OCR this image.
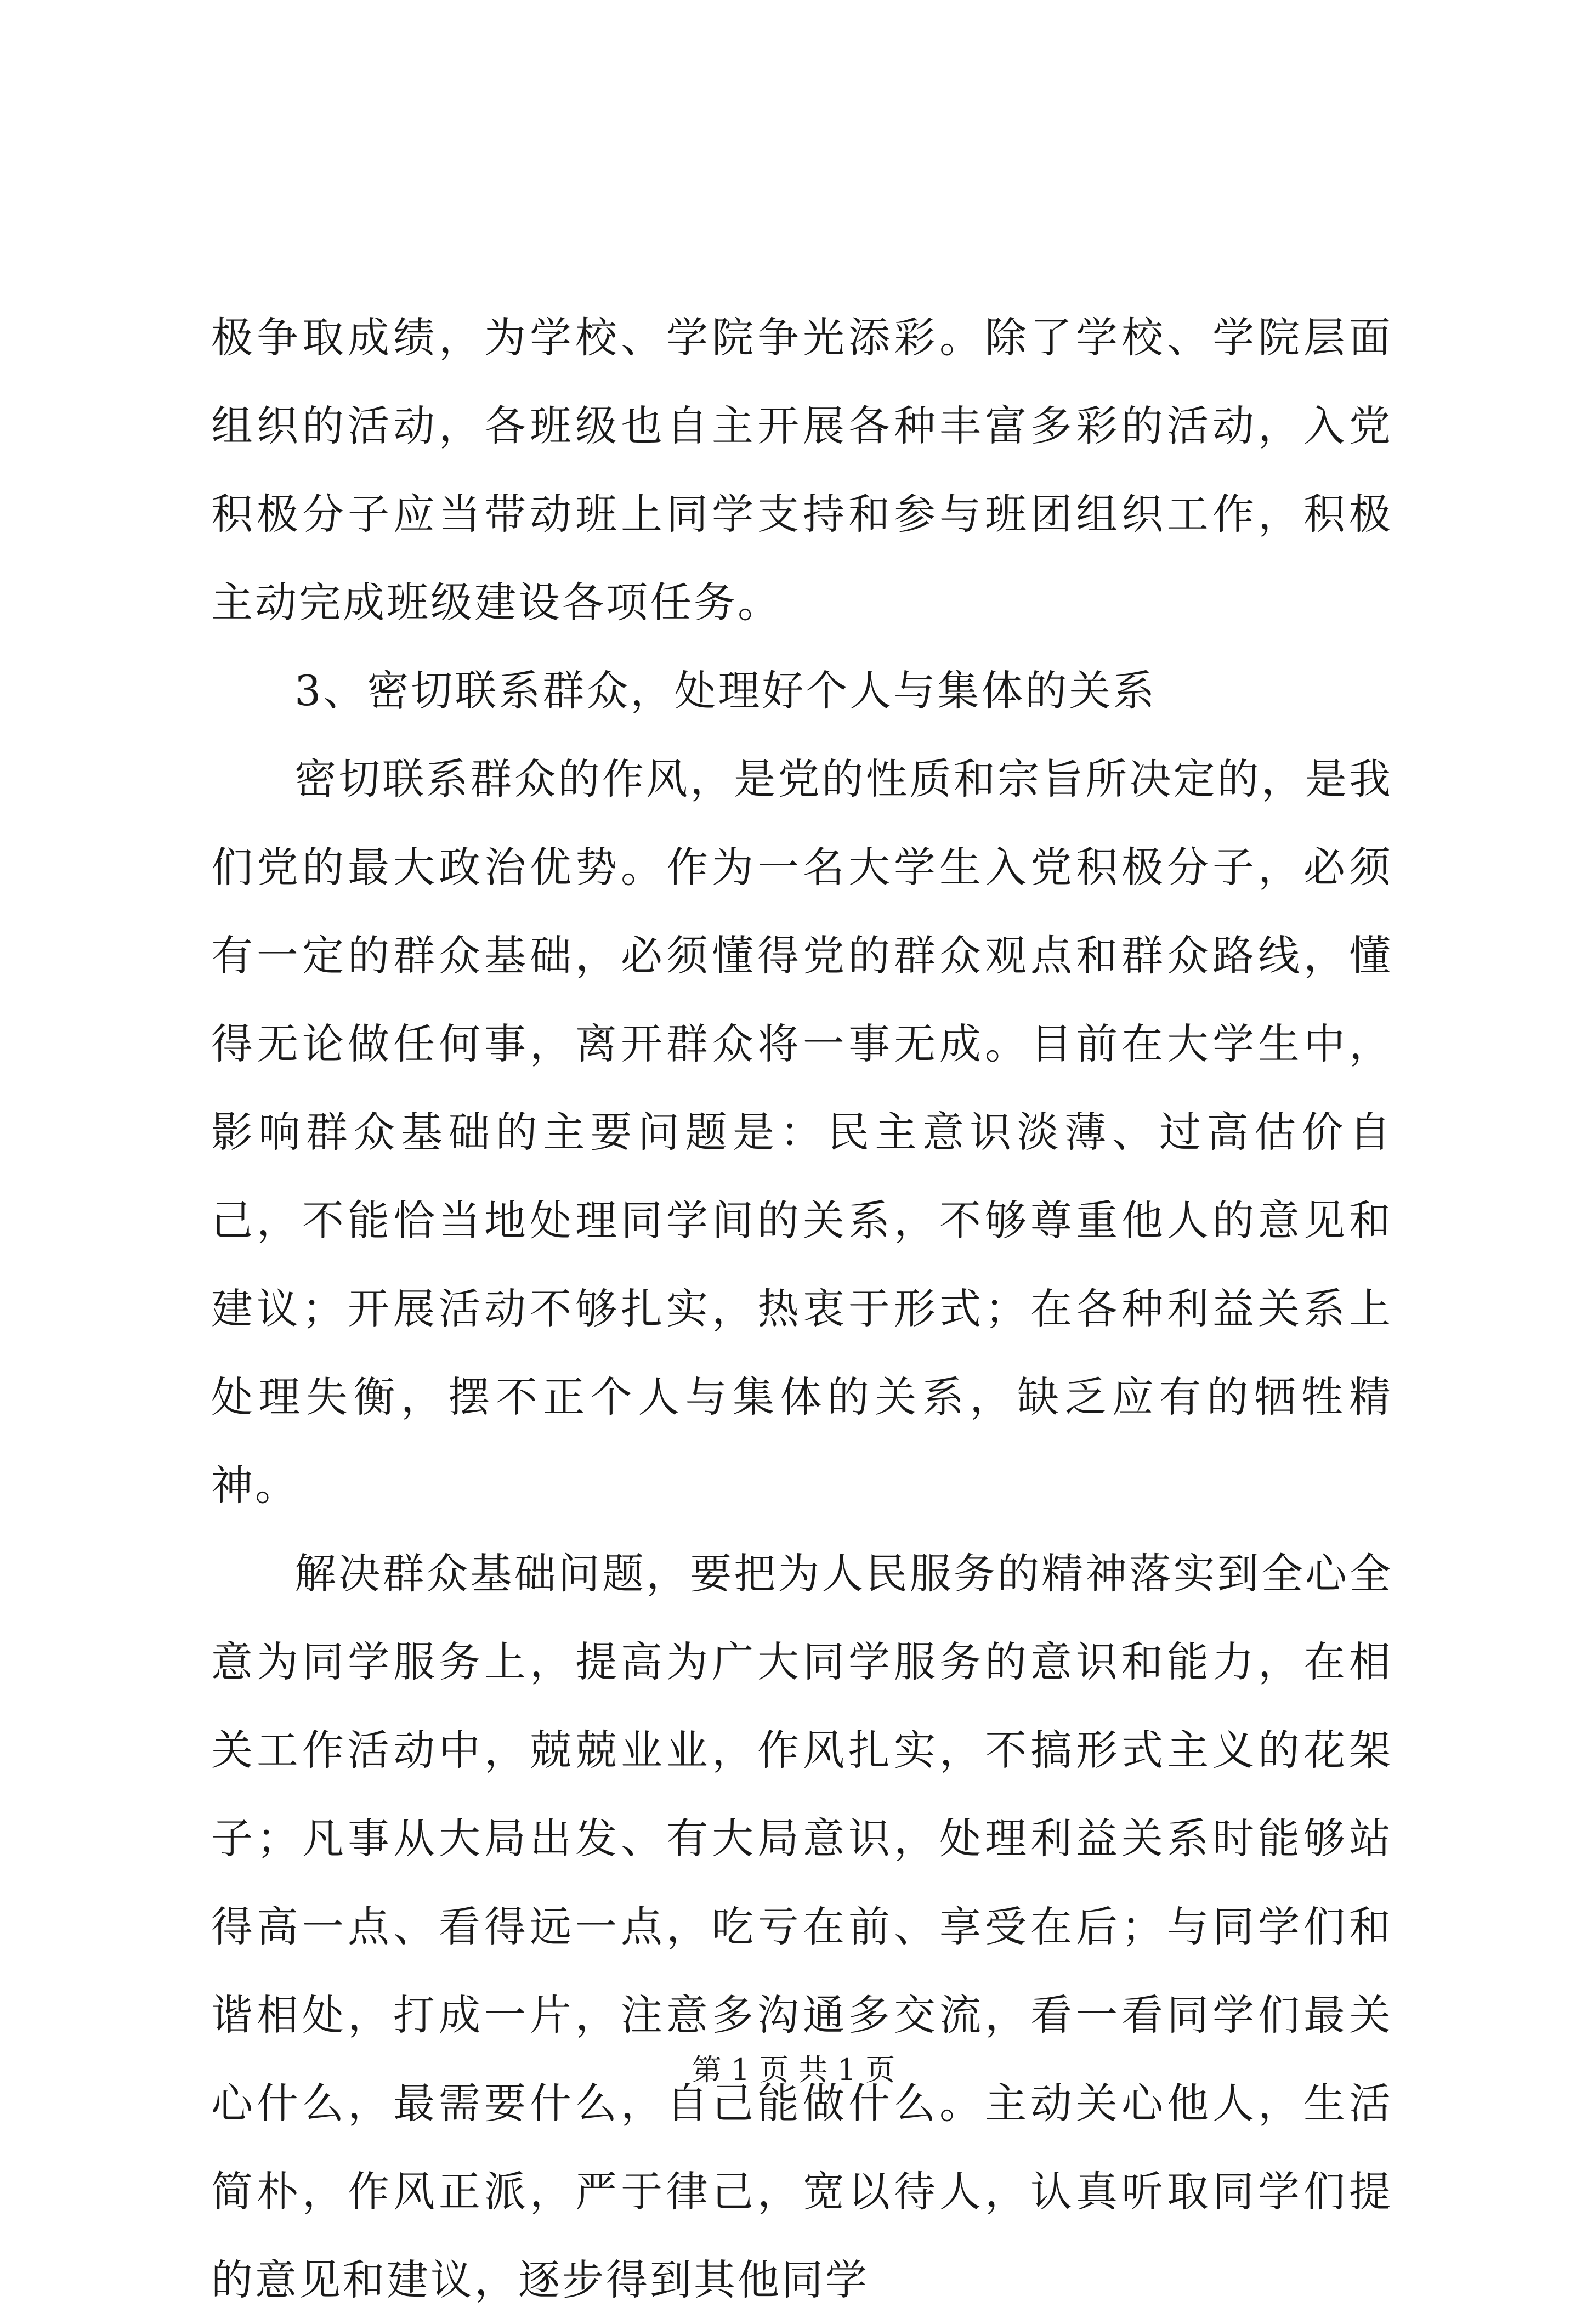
极争取成绩，为学校、学院争光添彩。除了学校、学院层面组织的活动，各班级也自主开展各种丰富多彩的活动，入党积极分子应当带动班上同学支持和参与班团组织工作，积极主动完成班级建设各项任务。

3、密切联系群众，处理好个人与集体的关系

密切联系群众的作风，是党的性质和宗旨所决定的，是我们党的最大政治优势。作为一名大学生入党积极分子，必须有一定的群众基础，必须懂得党的群众观点和群众路线，懂得无论做任何事，离开群众将一事无成。目前在大学生中，影响群众基础的主要问题是：民主意识淡薄、过高估价自己，不能恰当地处理同学间的关系，不够尊重他人的意见和建议；开展活动不够扎实，热衷于形式；在各种利益关系上处理失衡，摆不正个人与集体的关系，缺乏应有的牺牲精神。

解决群众基础问题，要把为人民服务的精神落实到全心全意为同学服务上，提高为广大同学服务的意识和能力，在相关工作活动中，兢兢业业，作风扎实，不搞形式主义的花架子；凡事从大局出发、有大局意识，处理利益关系时能够站得高一点、看得远一点，吃亏在前、享受在后；与同学们和谐相处，打成一片，注意多沟通多交流，看一看同学们最关心什么，最需要什么，自己能做什么。主动关心他人，生活简朴，作风正派，严于律己，宽以待人，认真听取同学们提的意见和建议，逐步得到其他同学

第 1 页 共 1 页
